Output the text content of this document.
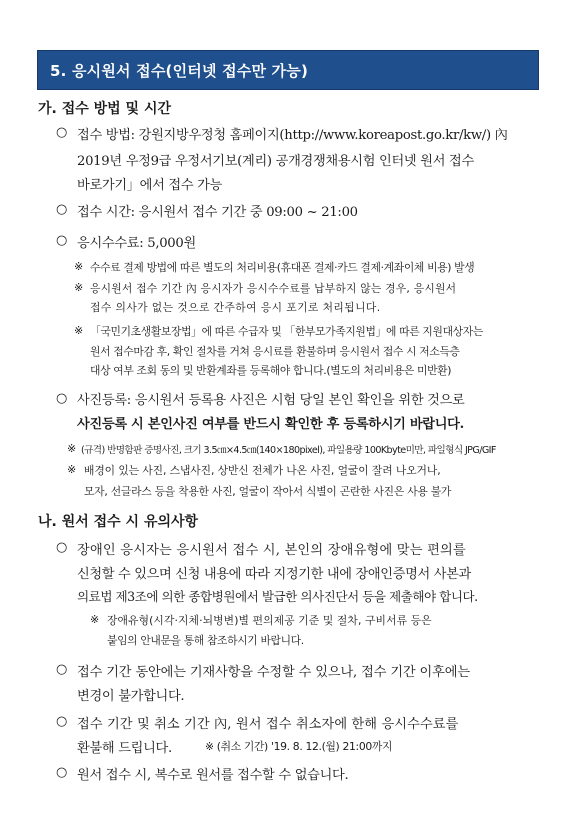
5. 응시원서 접수(인터넷 접수만 가능)
가. 접수 방법 및 시간
○ 접수 방법: 강원지방우정청 홈페이지(http://www.koreapost.go.kr/kw/) 內
2019년 우정9급 우정서기보(계리) 공개경쟁채용시험 인터넷 원서 접수
바로가기」에서 접수 가능
○ 접수 시간: 응시원서 접수 기간 중 09:00 ~ 21:00
○ 응시수수료: 5,000원
※ 수수료 결제 방법에 따른 별도의 처리비용(휴대폰 결제·카드 결제·계좌이체 비용) 발생
※ 응시원서 접수 기간 內 응시자가 응시수수료를 납부하지 않는 경우, 응시원서
접수 의사가 없는 것으로 간주하여 응시 포기로 처리됩니다.
※ 「국민기초생활보장법」에 따른 수급자 및 「한부모가족지원법」에 따른 지원대상자는
원서 접수마감 후, 확인 절차를 거쳐 응시료를 환불하며 응시원서 접수 시 저소득층
대상 여부 조회 동의 및 반환계좌를 등록해야 합니다.(별도의 처리비용은 미반환)
○ 사진등록: 응시원서 등록용 사진은 시험 당일 본인 확인을 위한 것으로
사진등록 시 본인사진 여부를 반드시 확인한 후 등록하시기 바랍니다.
※ (규격) 반명함판 증명사진, 크기 3.5㎝×4.5㎝(140×180pixel), 파일용량 100Kbyte미만, 파일형식 JPG/GIF
※ 배경이 있는 사진, 스냅사진, 상반신 전체가 나온 사진, 얼굴이 잘려 나오거나,
모자, 선글라스 등을 착용한 사진, 얼굴이 작아서 식별이 곤란한 사진은 사용 불가
나. 원서 접수 시 유의사항
○ 장애인 응시자는 응시원서 접수 시, 본인의 장애유형에 맞는 편의를
신청할 수 있으며 신청 내용에 따라 지정기한 내에 장애인증명서 사본과
의료법 제3조에 의한 종합병원에서 발급한 의사진단서 등을 제출해야 합니다.
※ 장애유형(시각·지체·뇌병변)별 편의제공 기준 및 절차, 구비서류 등은
붙임의 안내문을 통해 참조하시기 바랍니다.
○ 접수 기간 동안에는 기재사항을 수정할 수 있으나, 접수 기간 이후에는
변경이 불가합니다.
○ 접수 기간 및 취소 기간 內, 원서 접수 취소자에 한해 응시수수료를
환불해 드립니다.	※ (취소 기간) '19. 8. 12.(월) 21:00까지
○ 원서 접수 시, 복수로 원서를 접수할 수 없습니다.
